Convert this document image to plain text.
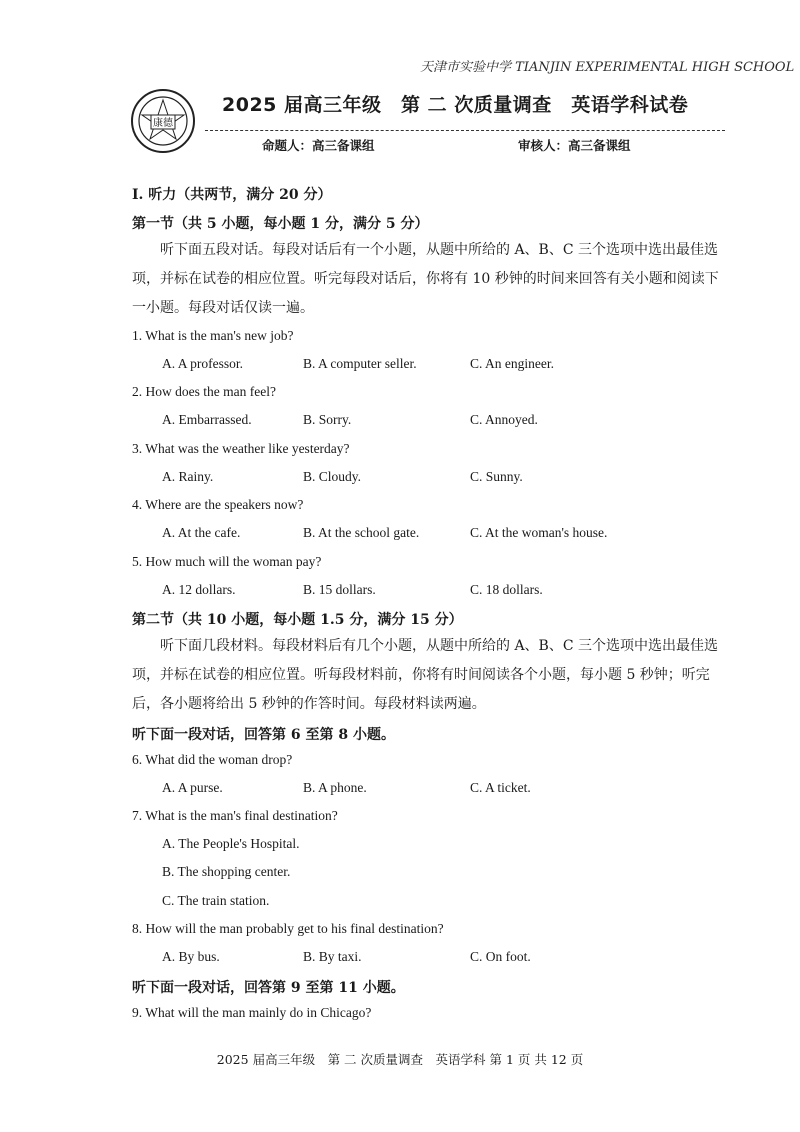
天津市实验中学 TIANJIN EXPERIMENTAL HIGH SCHOOL
康德
2025 届高三年级　第 二 次质量调查　英语学科试卷
命题人：高三备课组	审核人：高三备课组
I. 听力（共两节，满分 20 分）
第一节（共 5 小题，每小题 1 分，满分 5 分）
听下面五段对话。每段对话后有一个小题，从题中所给的 A、B、C 三个选项中选出最佳选项，并标在试卷的相应位置。听完每段对话后，你将有 10 秒钟的时间来回答有关小题和阅读下一小题。每段对话仅读一遍。
1. What is the man's new job?
A. A professor.	B. A computer seller.	C. An engineer.
2. How does the man feel?
A. Embarrassed.	B. Sorry.	C. Annoyed.
3. What was the weather like yesterday?
A. Rainy.	B. Cloudy.	C. Sunny.
4. Where are the speakers now?
A. At the cafe.	B. At the school gate.	C. At the woman's house.
5. How much will the woman pay?
A. 12 dollars.	B. 15 dollars.	C. 18 dollars.
第二节（共 10 小题，每小题 1.5 分，满分 15 分）
听下面几段材料。每段材料后有几个小题，从题中所给的 A、B、C 三个选项中选出最佳选项，并标在试卷的相应位置。听每段材料前，你将有时间阅读各个小题，每小题 5 秒钟；听完后，各小题将给出 5 秒钟的作答时间。每段材料读两遍。
听下面一段对话，回答第 6 至第 8 小题。
6. What did the woman drop?
A. A purse.	B. A phone.	C. A ticket.
7. What is the man's final destination?
A. The People's Hospital.
B. The shopping center.
C. The train station.
8. How will the man probably get to his final destination?
A. By bus.	B. By taxi.	C. On foot.
听下面一段对话，回答第 9 至第 11 小题。
9. What will the man mainly do in Chicago?
2025 届高三年级　第 二 次质量调查　英语学科 第 1 页 共 12 页
